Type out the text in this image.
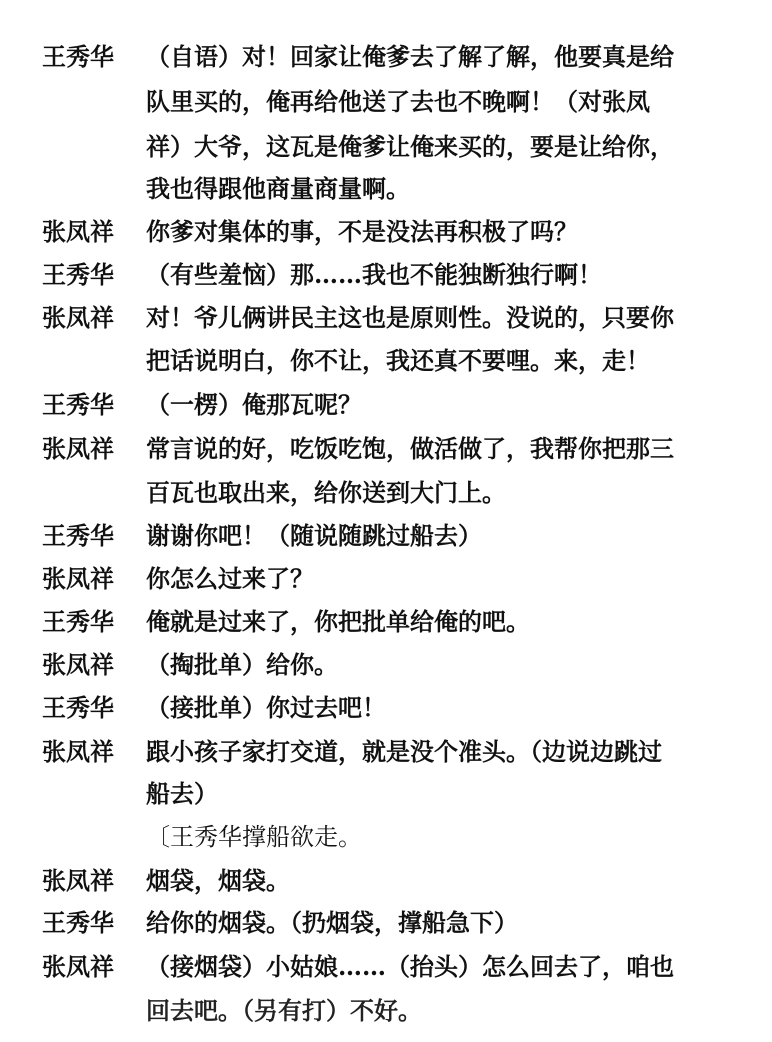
王秀华	（自语）对！回家让俺爹去了解了解，他要真是给
队里买的，俺再给他送了去也不晚啊！（对张凤
祥）大爷，这瓦是俺爹让俺来买的，要是让给你，
我也得跟他商量商量啊。
张凤祥	你爹对集体的事，不是没法再积极了吗？
王秀华	（有些羞恼）那……我也不能独断独行啊！
张凤祥	对！爷儿俩讲民主这也是原则性。没说的，只要你
把话说明白，你不让，我还真不要哩。来，走！
王秀华	（一楞）俺那瓦呢？
张凤祥	常言说的好，吃饭吃饱，做活做了，我帮你把那三
百瓦也取出来，给你送到大门上。
王秀华	谢谢你吧！（随说随跳过船去）
张凤祥	你怎么过来了？
王秀华	俺就是过来了，你把批单给俺的吧。
张凤祥	（掏批单）给你。
王秀华	（接批单）你过去吧！
张凤祥	跟小孩子家打交道，就是没个准头。（边说边跳过
船去）
〔王秀华撑船欲走。
张凤祥	烟袋，烟袋。
王秀华	给你的烟袋。（扔烟袋，撑船急下）
张凤祥	（接烟袋）小姑娘……（抬头）怎么回去了，咱也
回去吧。（另有打）不好。
